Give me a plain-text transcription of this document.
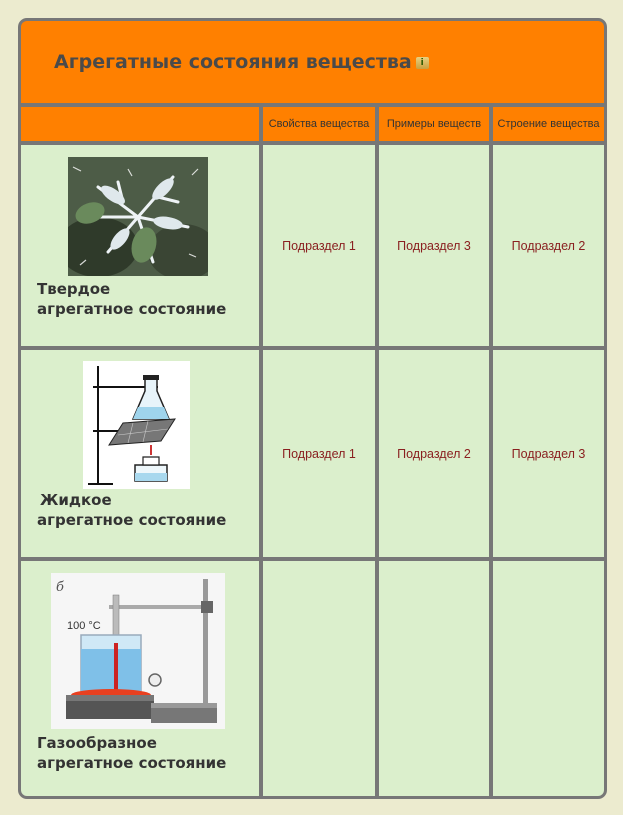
Агрегатные состояния вещества i
Свойства вещества	Примеры веществ	Строение вещества
Твердое
агрегатное состояние
Подраздел 1	Подраздел 3	Подраздел 2
Жидкое
агрегатное состояние
Подраздел 1	Подраздел 2	Подраздел 3
б
100 °C
Газообразное
агрегатное состояние
